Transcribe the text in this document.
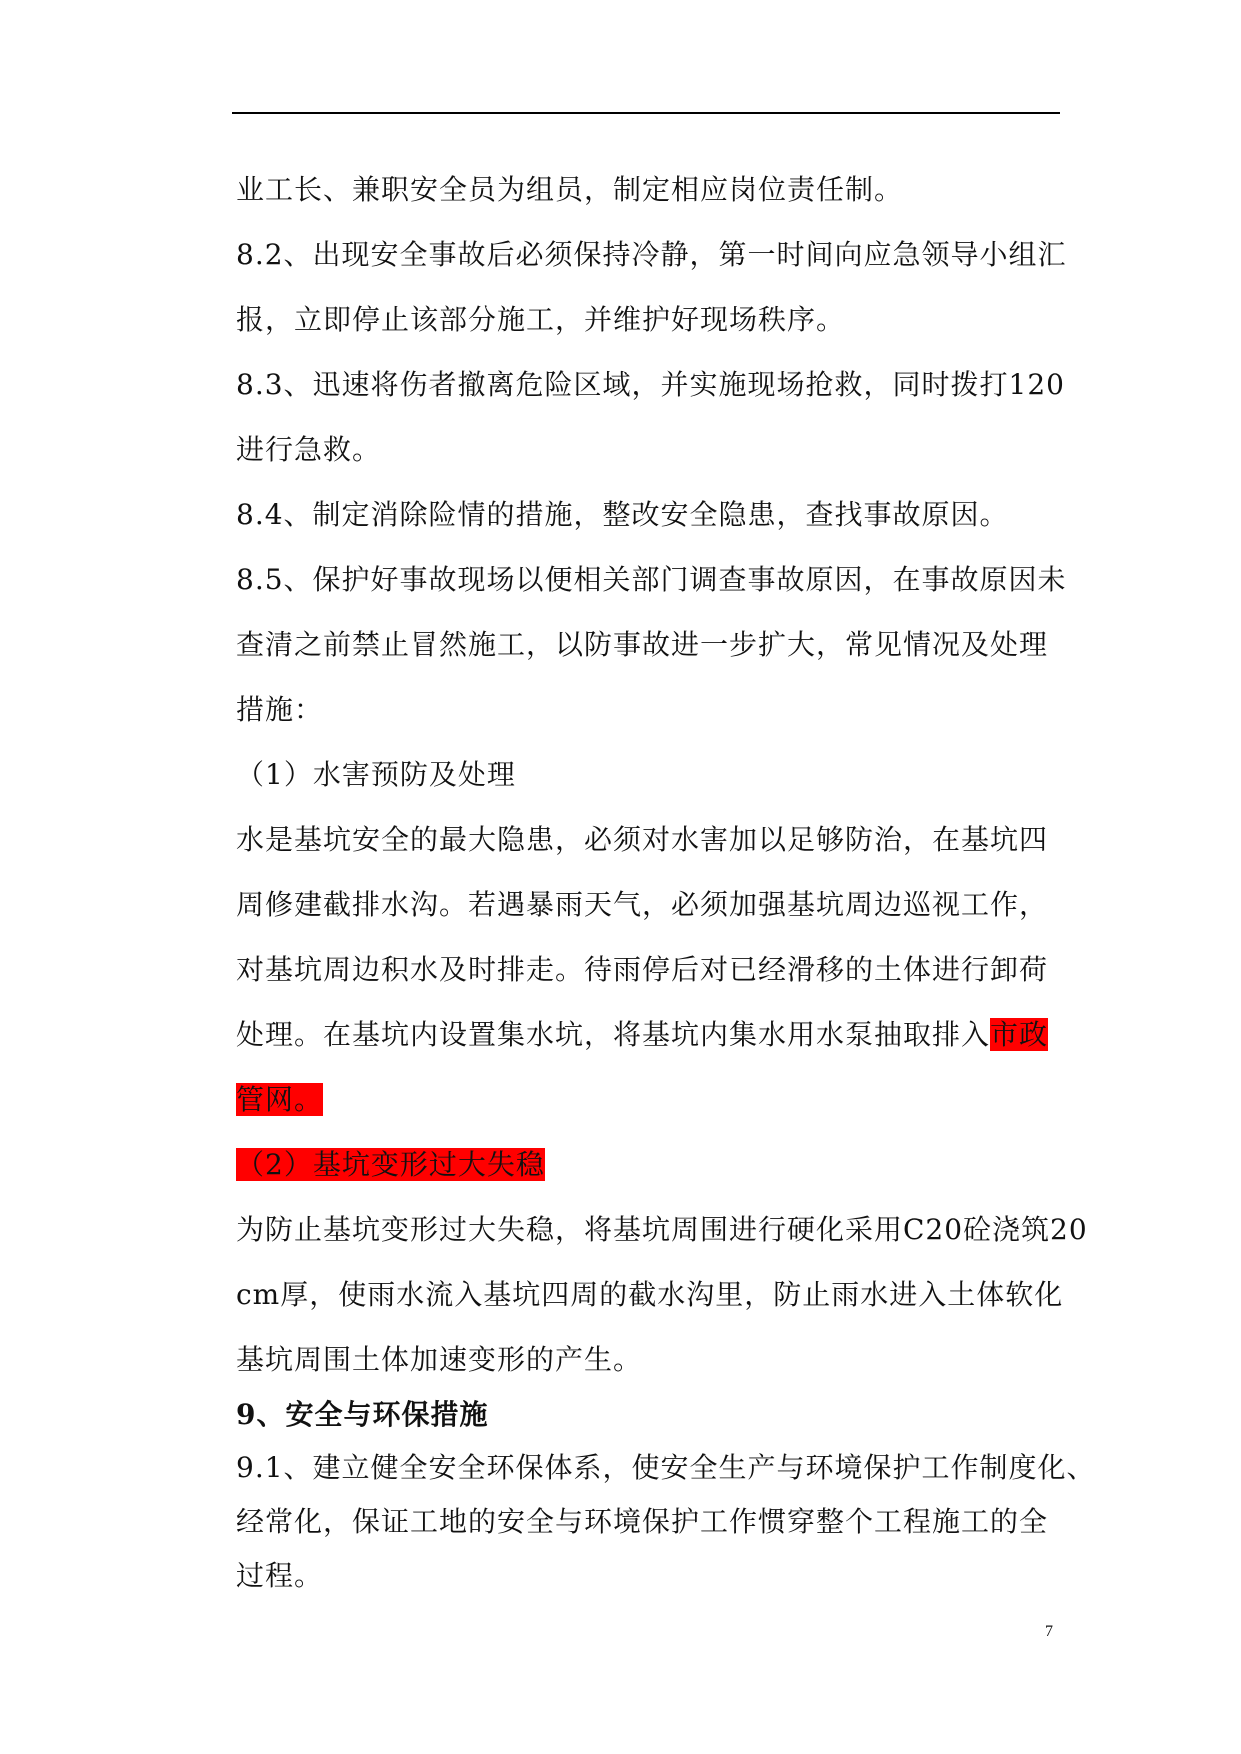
业工长、兼职安全员为组员，制定相应岗位责任制。
8.2、出现安全事故后必须保持冷静，第一时间向应急领导小组汇
报，立即停止该部分施工，并维护好现场秩序。
8.3、迅速将伤者撤离危险区域，并实施现场抢救，同时拨打120
进行急救。
8.4、制定消除险情的措施，整改安全隐患，查找事故原因。
8.5、保护好事故现场以便相关部门调查事故原因，在事故原因未
查清之前禁止冒然施工，以防事故进一步扩大，常见情况及处理
措施：
（1）水害预防及处理
水是基坑安全的最大隐患，必须对水害加以足够防治，在基坑四
周修建截排水沟。若遇暴雨天气，必须加强基坑周边巡视工作，
对基坑周边积水及时排走。待雨停后对已经滑移的土体进行卸荷
处理。在基坑内设置集水坑，将基坑内集水用水泵抽取排入市政
管网。
（2）基坑变形过大失稳
为防止基坑变形过大失稳，将基坑周围进行硬化采用C20砼浇筑20
cm厚，使雨水流入基坑四周的截水沟里，防止雨水进入土体软化
基坑周围土体加速变形的产生。
9、安全与环保措施
9.1、建立健全安全环保体系，使安全生产与环境保护工作制度化、
经常化，保证工地的安全与环境保护工作惯穿整个工程施工的全
过程。
7
